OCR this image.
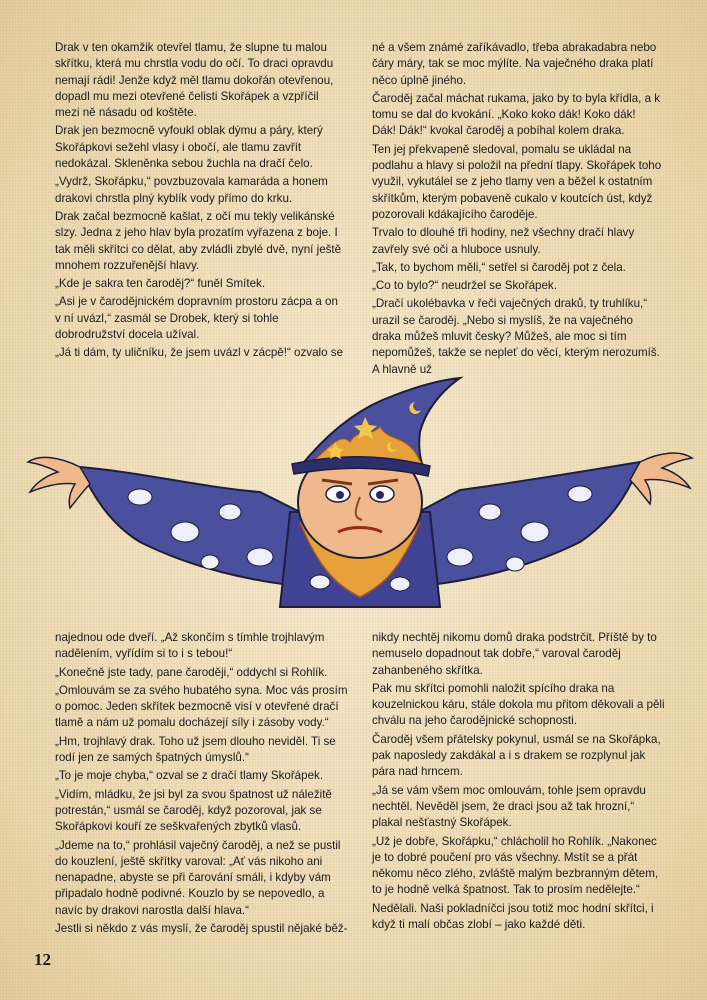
Drak v ten okamžik otevřel tlamu, že slupne tu malou skřítku, která mu chrstla vodu do očí. To draci opravdu nemají rádi! Jenže když měl tlamu dokořán otevřenou, dopadl mu mezi otevřené čelisti Skořápek a vzpříčil mezi ně násadu od koštěte.

Drak jen bezmocně vyfoukl oblak dýmu a páry, který Skořápkovi sežehl vlasy i obočí, ale tlamu zavřít nedokázal. Skleněnka sebou žuchla na dračí čelo.

„Vydrž, Skořápku,“ povzbuzovala kamaráda a honem drakovi chrstla plný kyblík vody přímo do krku.

Drak začal bezmocně kašlat, z očí mu tekly velikánské slzy. Jedna z jeho hlav byla prozatím vyřazena z boje. I tak měli skřítci co dělat, aby zvládli zbylé dvě, nyní ještě mnohem rozzuřenější hlavy.

„Kde je sakra ten čaroděj?“ funěl Smítek.

„Asi je v čarodějnickém dopravním prostoru zácpa a on v ní uvázl,“ zasmál se Drobek, který si tohle dobrodružství docela užíval.

„Já ti dám, ty uličníku, že jsem uvázl v zácpě!“ ozvalo se

né a všem známé zaříkávadlo, třeba abrakadabra nebo čáry máry, tak se moc mýlíte. Na vaječného draka platí něco úplně jiného.

Čaroděj začal máchat rukama, jako by to byla křídla, a k tomu se dal do kvokání. „Koko koko dák! Koko dák! Dák! Dák!“ kvokal čaroděj a pobíhal kolem draka.

Ten jej překvapeně sledoval, pomalu se ukládal na podlahu a hlavy si položil na přední tlapy. Skořápek toho využil, vykutálel se z jeho tlamy ven a běžel k ostatním skřítkům, kterým pobaveně cukalo v koutcích úst, když pozorovali kdákajícího čaroděje.

Trvalo to dlouhé tři hodiny, než všechny dračí hlavy zavřely své oči a hluboce usnuly.

„Tak, to bychom měli,“ setřel si čaroděj pot z čela.

„Co to bylo?“ neudržel se Skořápek.

„Dračí ukolébavka v řeči vaječných draků, ty truhlíku,“ urazil se čaroděj. „Nebo si myslíš, že na vaječného draka můžeš mluvit česky? Můžeš, ale moc si tím nepomůžeš, takže se nepleť do věcí, kterým nerozumíš. A hlavně už

najednou ode dveří. „Až skončím s tímhle trojhlavým nadělením, vyřídím si to i s tebou!“

„Konečně jste tady, pane čaroději,“ oddychl si Rohlík.

„Omlouvám se za svého hubatého syna. Moc vás prosím o pomoc. Jeden skřítek bezmocně visí v otevřené dračí tlamě a nám už pomalu docházejí síly i zásoby vody.“

„Hm, trojhlavý drak. Toho už jsem dlouho neviděl. Ti se rodí jen ze samých špatných úmyslů.“

„To je moje chyba,“ ozval se z dračí tlamy Skořápek.

„Vidím, mládku, že jsi byl za svou špatnost už náležitě potrestán,“ usmál se čaroděj, když pozoroval, jak se Skořápkovi kouří ze seškvařených zbytků vlasů.

„Jdeme na to,“ prohlásil vaječný čaroděj, a než se pustil do kouzlení, ještě skřítky varoval: „Ať vás nikoho ani nenapadne, abyste se při čarování smáli, i kdyby vám připadalo hodně podivné. Kouzlo by se nepovedlo, a navíc by drakovi narostla další hlava.“

Jestli si někdo z vás myslí, že čaroděj spustil nějaké běž-

nikdy nechtěj nikomu domů draka podstrčit. Příště by to nemuselo dopadnout tak dobře,“ varoval čaroděj zahanbeného skřítka.

Pak mu skřítci pomohli naložit spícího draka na kouzelnickou káru, stále dokola mu přitom děkovali a pěli chválu na jeho čarodějnické schopnosti.

Čaroděj všem přátelsky pokynul, usmál se na Skořápka, pak naposledy zakdákal a i s drakem se rozplynul jak pára nad hrncem.

„Já se vám všem moc omlouvám, tohle jsem opravdu nechtěl. Nevěděl jsem, že draci jsou až tak hrozní,“ plakal nešťastný Skořápek.

„Už je dobře, Skořápku,“ chlácholil ho Rohlík. „Nakonec je to dobré poučení pro vás všechny. Mstít se a přát někomu něco zlého, zvláště malým bezbranným dětem, to je hodně velká špatnost. Tak to prosím nedělejte.“

Nedělali. Naši pokladníčci jsou totiž moc hodní skřítci, i když ti malí občas zlobí – jako každé děti.

12
